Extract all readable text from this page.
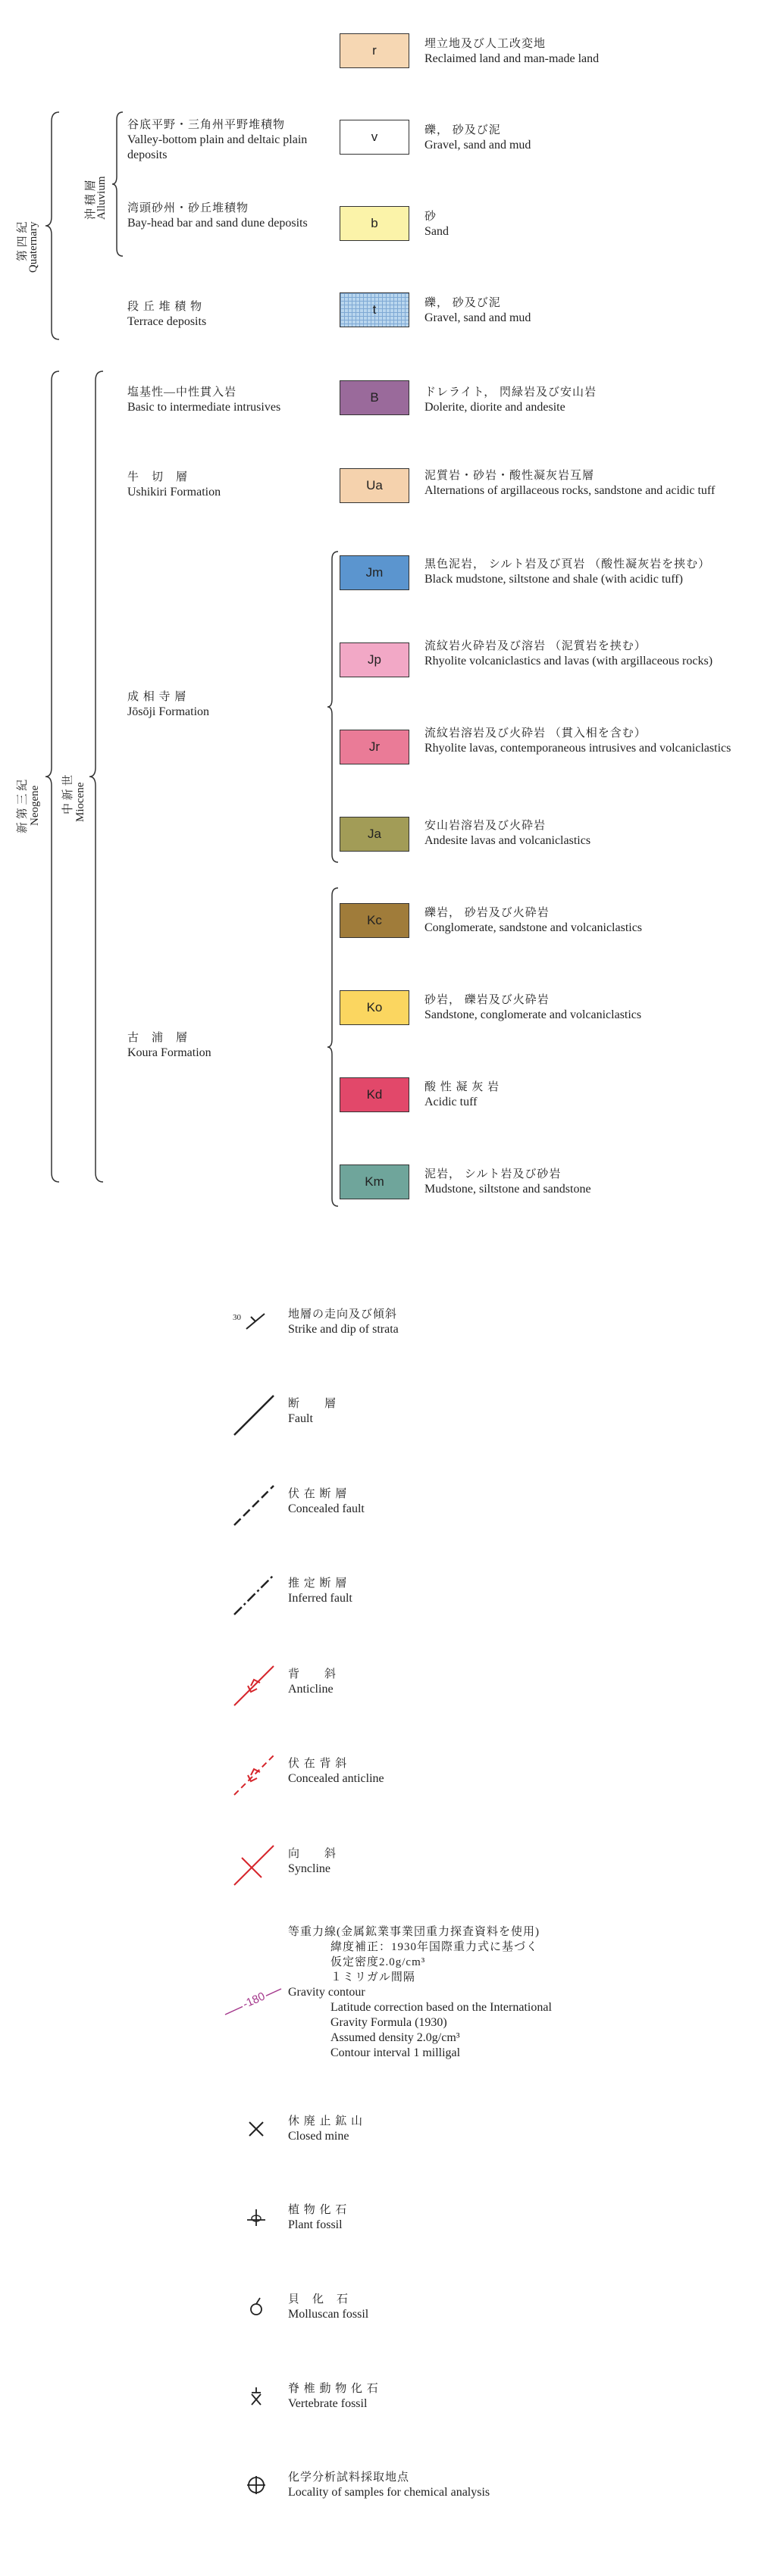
第 四 紀
Quaternary
沖 積 層
Alluvium
新 第 三 紀 Neogene 中 新 世 Miocene
谷底平野・三角州平野堆積物
Valley-bottom plain and deltaic plain deposits
湾頭砂州・砂丘堆積物
Bay-head bar and sand dune deposits
段 丘 堆 積 物
Terrace deposits
塩基性―中性貫入岩
Basic to intermediate intrusives
牛　切　層
Ushikiri Formation
成 相 寺 層
Jōsōji Formation
古　浦　層
Koura Formation
r
v
b
t
B
Ua
Jm
Jp
Jr
Ja
Kc
Ko
Kd
Km
埋立地及び人工改変地
Reclaimed land and man-made land
礫， 砂及び泥
Gravel, sand and mud
砂
Sand
礫， 砂及び泥
Gravel, sand and mud
ドレライト， 閃緑岩及び安山岩
Dolerite, diorite and andesite
泥質岩・砂岩・酸性凝灰岩互層
Alternations of argillaceous rocks, sandstone and acidic tuff
黒色泥岩， シルト岩及び頁岩 （酸性凝灰岩を挟む）
Black mudstone, siltstone and shale (with acidic tuff)
流紋岩火砕岩及び溶岩 （泥質岩を挟む）
Rhyolite volcaniclastics and lavas (with argillaceous rocks)
流紋岩溶岩及び火砕岩 （貫入相を含む）
Rhyolite lavas, contemporaneous intrusives and volcaniclastics
安山岩溶岩及び火砕岩
Andesite lavas and volcaniclastics
礫岩， 砂岩及び火砕岩
Conglomerate, sandstone and volcaniclastics
砂岩， 礫岩及び火砕岩
Sandstone, conglomerate and volcaniclastics
酸 性 凝 灰 岩
Acidic tuff
泥岩， シルト岩及び砂岩
Mudstone, siltstone and sandstone
30	地層の走向及び傾斜
Strike and dip of strata
断　　層
Fault
伏 在 断 層
Concealed fault
推 定 断 層
Inferred fault
背　　斜
Anticline
伏 在 背 斜
Concealed anticline
向　　斜
Syncline
-180
等重力線(金属鉱業事業団重力探査資料を使用)
緯度補正：1930年国際重力式に基づく
仮定密度2.0g/cm³
１ミリガル間隔
Gravity contour
Latitude correction based on the International
Gravity Formula (1930)
Assumed density 2.0g/cm³
Contour interval 1 milligal
休 廃 止 鉱 山
Closed mine
植 物 化 石
Plant fossil
貝　化　石
Molluscan fossil
脊 椎 動 物 化 石
Vertebrate fossil
化学分析試料採取地点
Locality of samples for chemical analysis
